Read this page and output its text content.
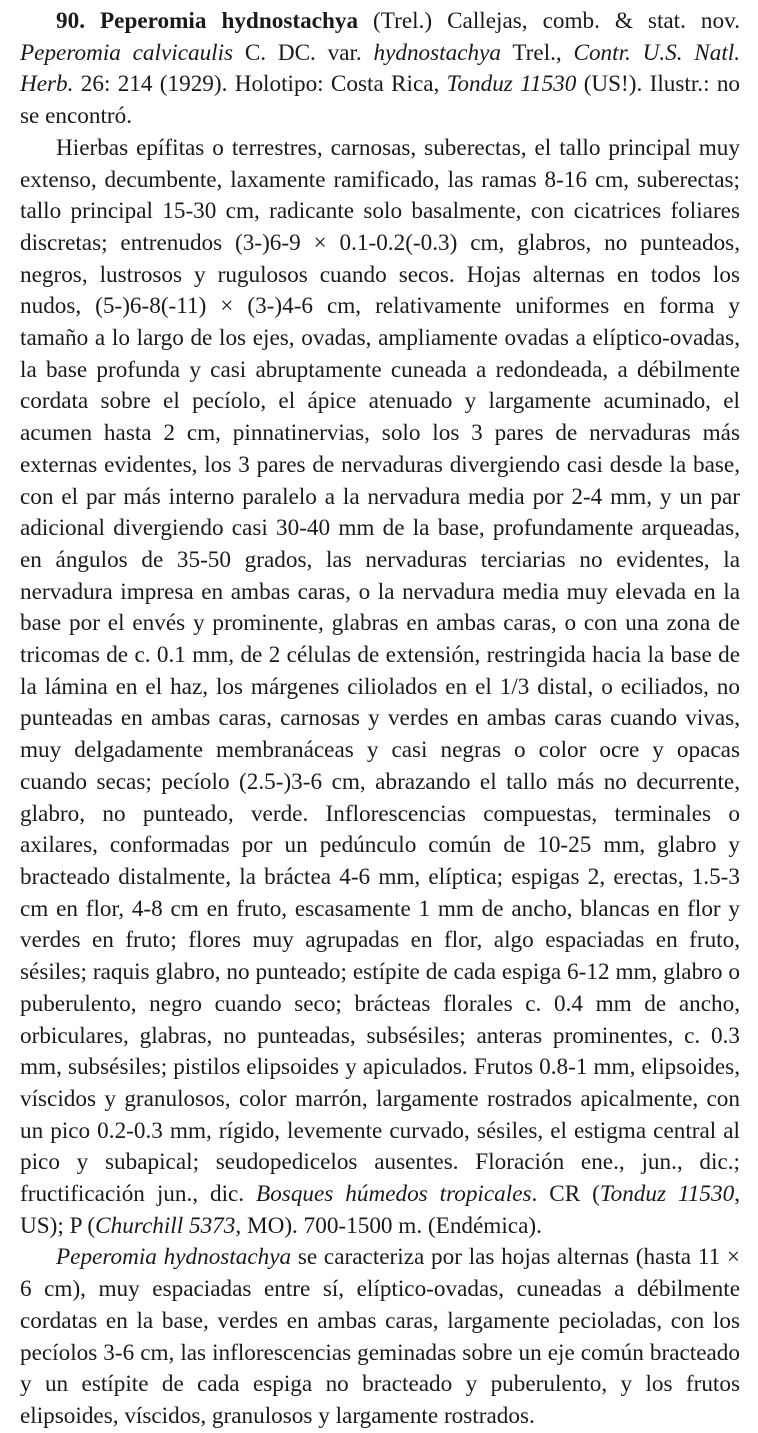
90. Peperomia hydnostachya (Trel.) Callejas, comb. & stat. nov. Peperomia calvicaulis C. DC. var. hydnostachya Trel., Contr. U.S. Natl. Herb. 26: 214 (1929). Holotipo: Costa Rica, Tonduz 11530 (US!). Ilustr.: no se encontró.

Hierbas epífitas o terrestres, carnosas, suberectas, el tallo principal muy extenso, decumbente, laxamente ramificado, las ramas 8-16 cm, suberectas; tallo principal 15-30 cm, radicante solo basalmente, con cicatrices foliares discretas; entrenudos (3-)6-9 × 0.1-0.2(-0.3) cm, glabros, no punteados, negros, lustrosos y rugulosos cuando secos. Hojas alternas en todos los nudos, (5-)6-8(-11) × (3-)4-6 cm, relativamente uniformes en forma y tamaño a lo largo de los ejes, ovadas, ampliamente ovadas a elíptico-ovadas, la base profunda y casi abruptamente cuneada a redondeada, a débilmente cordata sobre el pecíolo, el ápice atenuado y largamente acuminado, el acumen hasta 2 cm, pinnatinervias, solo los 3 pares de nervaduras más externas evidentes, los 3 pares de nervaduras divergiendo casi desde la base, con el par más interno paralelo a la nervadura media por 2-4 mm, y un par adicional divergiendo casi 30-40 mm de la base, profundamente arqueadas, en ángulos de 35-50 grados, las nervaduras terciarias no evidentes, la nervadura impresa en ambas caras, o la nervadura media muy elevada en la base por el envés y prominente, glabras en ambas caras, o con una zona de tricomas de c. 0.1 mm, de 2 células de extensión, restringida hacia la base de la lámina en el haz, los márgenes ciliolados en el 1/3 distal, o eciliados, no punteadas en ambas caras, carnosas y verdes en ambas caras cuando vivas, muy delgadamente membranáceas y casi negras o color ocre y opacas cuando secas; pecíolo (2.5-)3-6 cm, abrazando el tallo más no decurrente, glabro, no punteado, verde. Inflorescencias compuestas, terminales o axilares, conformadas por un pedúnculo común de 10-25 mm, glabro y bracteado distalmente, la bráctea 4-6 mm, elíptica; espigas 2, erectas, 1.5-3 cm en flor, 4-8 cm en fruto, escasamente 1 mm de ancho, blancas en flor y verdes en fruto; flores muy agrupadas en flor, algo espaciadas en fruto, sésiles; raquis glabro, no punteado; estípite de cada espiga 6-12 mm, glabro o puberulento, negro cuando seco; brácteas florales c. 0.4 mm de ancho, orbiculares, glabras, no punteadas, subsésiles; anteras prominentes, c. 0.3 mm, subsésiles; pistilos elipsoides y apiculados. Frutos 0.8-1 mm, elipsoides, víscidos y granulosos, color marrón, largamente rostrados apicalmente, con un pico 0.2-0.3 mm, rígido, levemente curvado, sésiles, el estigma central al pico y subapical; seudopedicelos ausentes. Floración ene., jun., dic.; fructificación jun., dic. Bosques húmedos tropicales. CR (Tonduz 11530, US); P (Churchill 5373, MO). 700-1500 m. (Endémica).

Peperomia hydnostachya se caracteriza por las hojas alternas (hasta 11 × 6 cm), muy espaciadas entre sí, elíptico-ovadas, cuneadas a débilmente cordatas en la base, verdes en ambas caras, largamente pecioladas, con los pecíolos 3-6 cm, las inflorescencias geminadas sobre un eje común bracteado y un estípite de cada espiga no bracteado y puberulento, y los frutos elipsoides, víscidos, granulosos y largamente rostrados.
